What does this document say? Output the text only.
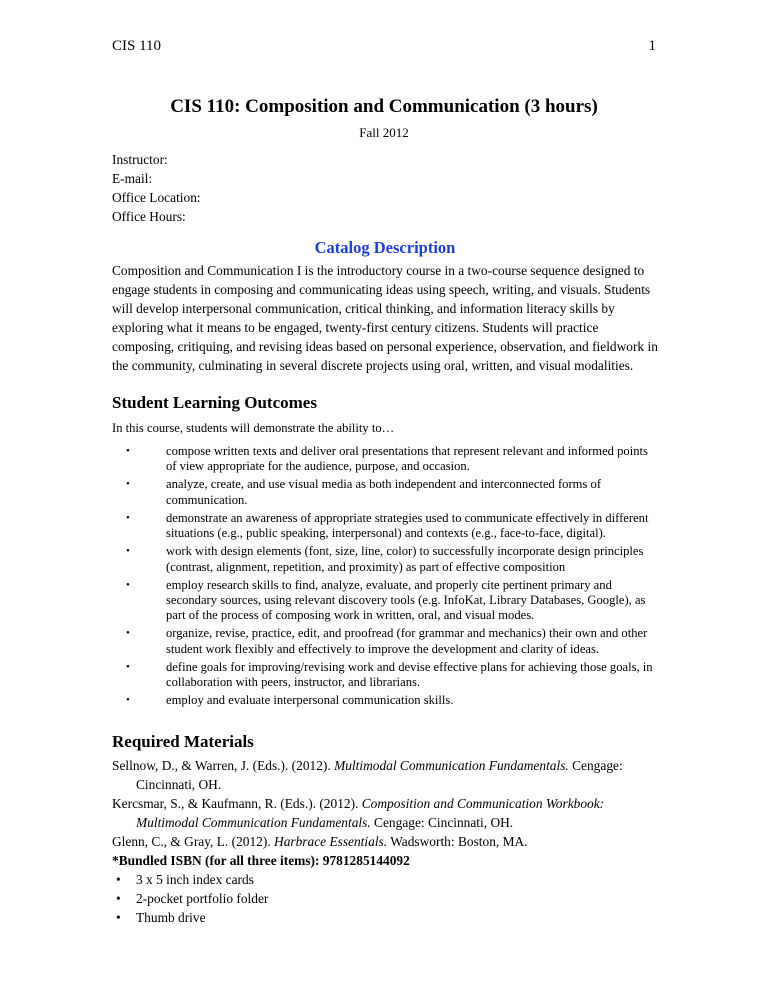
CIS 110	1
CIS 110: Composition and Communication (3 hours)
Fall 2012

Instructor:

E-mail:

Office Location:

Office Hours:

Catalog Description

Composition and Communication I is the introductory course in a two-course sequence designed to engage students in composing and communicating ideas using speech, writing, and visuals. Students will develop interpersonal communication, critical thinking, and information literacy skills by exploring what it means to be engaged, twenty-first century citizens. Students will practice composing, critiquing, and revising ideas based on personal experience, observation, and fieldwork in the community, culminating in several discrete projects using oral, written, and visual modalities.

Student Learning Outcomes

In this course, students will demonstrate the ability to…

•	compose written texts and deliver oral presentations that represent relevant and informed points of view appropriate for the audience, purpose, and occasion.
•	analyze, create, and use visual media as both independent and interconnected forms of communication.
•	demonstrate an awareness of appropriate strategies used to communicate effectively in different situations (e.g., public speaking, interpersonal) and contexts (e.g., face-to-face, digital).
•	work with design elements (font, size, line, color) to successfully incorporate design principles (contrast, alignment, repetition, and proximity) as part of effective composition
•	employ research skills to find, analyze, evaluate, and properly cite pertinent primary and secondary sources, using relevant discovery tools (e.g. InfoKat, Library Databases, Google), as part of the process of composing work in written, oral, and visual modes.
•	organize, revise, practice, edit, and proofread (for grammar and mechanics) their own and other student work flexibly and effectively to improve the development and clarity of ideas.
•	define goals for improving/revising work and devise effective plans for achieving those goals, in collaboration with peers, instructor, and librarians.
•	employ and evaluate interpersonal communication skills.
Required Materials

Sellnow, D., & Warren, J. (Eds.). (2012). Multimodal Communication Fundamentals. Cengage: Cincinnati, OH.

Kercsmar, S., & Kaufmann, R. (Eds.). (2012). Composition and Communication Workbook: Multimodal Communication Fundamentals. Cengage: Cincinnati, OH.

Glenn, C., & Gray, L. (2012). Harbrace Essentials. Wadsworth: Boston, MA.

*Bundled ISBN (for all three items): 9781285144092

• 3 x 5 inch index cards
• 2-pocket portfolio folder
• Thumb drive
